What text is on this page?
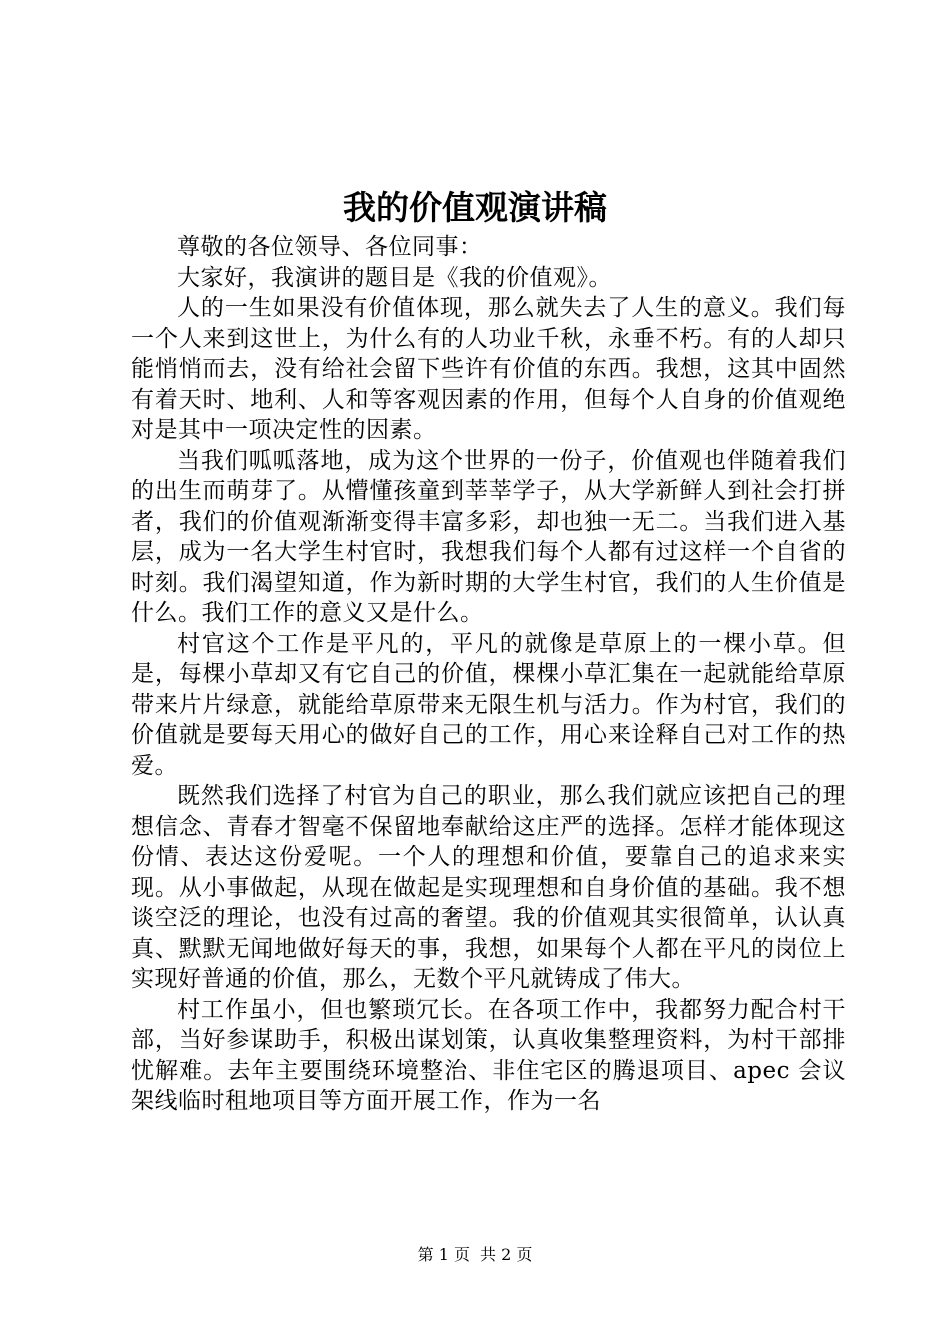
我的价值观演讲稿

尊敬的各位领导、各位同事：

大家好，我演讲的题目是《我的价值观》。

人的一生如果没有价值体现，那么就失去了人生的意义。我们每一个人来到这世上，为什么有的人功业千秋，永垂不朽。有的人却只能悄悄而去，没有给社会留下些许有价值的东西。我想，这其中固然有着天时、地利、人和等客观因素的作用，但每个人自身的价值观绝对是其中一项决定性的因素。

当我们呱呱落地，成为这个世界的一份子，价值观也伴随着我们的出生而萌芽了。从懵懂孩童到莘莘学子，从大学新鲜人到社会打拼者，我们的价值观渐渐变得丰富多彩，却也独一无二。当我们进入基层，成为一名大学生村官时，我想我们每个人都有过这样一个自省的时刻。我们渴望知道，作为新时期的大学生村官，我们的人生价值是什么。我们工作的意义又是什么。

村官这个工作是平凡的，平凡的就像是草原上的一棵小草。但是，每棵小草却又有它自己的价值，棵棵小草汇集在一起就能给草原带来片片绿意，就能给草原带来无限生机与活力。作为村官，我们的价值就是要每天用心的做好自己的工作，用心来诠释自己对工作的热爱。

既然我们选择了村官为自己的职业，那么我们就应该把自己的理想信念、青春才智毫不保留地奉献给这庄严的选择。怎样才能体现这份情、表达这份爱呢。一个人的理想和价值，要靠自己的追求来实现。从小事做起，从现在做起是实现理想和自身价值的基础。我不想谈空泛的理论，也没有过高的奢望。我的价值观其实很简单，认认真真、默默无闻地做好每天的事，我想，如果每个人都在平凡的岗位上实现好普通的价值，那么，无数个平凡就铸成了伟大。

村工作虽小，但也繁琐冗长。在各项工作中，我都努力配合村干部，当好参谋助手，积极出谋划策，认真收集整理资料，为村干部排忧解难。去年主要围绕环境整治、非住宅区的腾退项目、apec 会议架线临时租地项目等方面开展工作，作为一名

第 1 页 共 2 页
